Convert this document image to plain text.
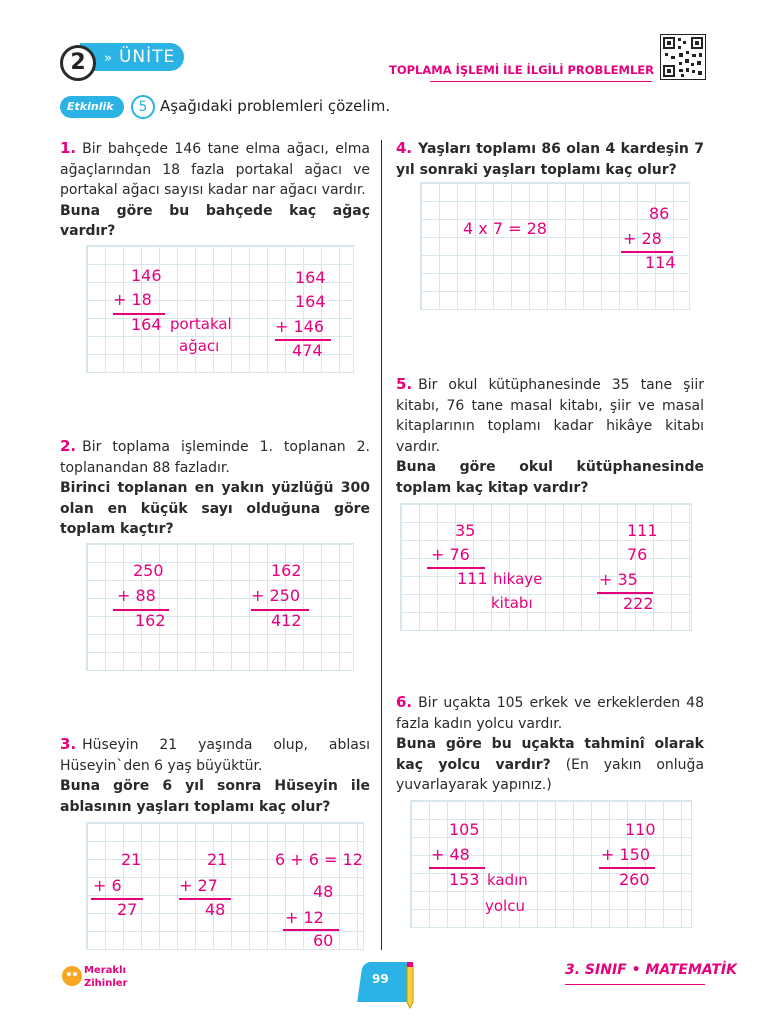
» ÜNİTE
2	TOPLAMA İŞLEMİ İLE İLGİLİ PROBLEMLER
Etkinlik	5 Aşağıdaki problemleri çözelim.
1. Bir bahçede 146 tane elma ağacı, elma ağaçlarından 18 fazla portakal ağacı ve portakal ağacı sayısı kadar nar ağacı vardır.
Buna göre bu bahçede kaç ağaç vardır?
146
+ 18
164 portakal
ağacı
164
164
+ 146
474
2. Bir toplama işleminde 1. toplanan 2. toplanandan 88 fazladır.
Birinci toplanan en yakın yüzlüğü 300 olan en küçük sayı olduğuna göre toplam kaçtır?
250
+ 88
162
162
+ 250
412
3. Hüseyin 21 yaşında olup, ablası Hüseyin`den 6 yaş büyüktür.
Buna göre 6 yıl sonra Hüseyin ile ablasının yaşları toplamı kaç olur?
21
+ 6
27
21
+ 27
48
6 + 6 = 12
48
+ 12
60
4. Yaşları toplamı 86 olan 4 kardeşin 7 yıl sonraki yaşları toplamı kaç olur?
4 x 7 = 28
86
+ 28
114
5. Bir okul kütüphanesinde 35 tane şiir kitabı, 76 tane masal kitabı, şiir ve masal kitaplarının toplamı kadar hikâye kitabı vardır.
Buna göre okul kütüphanesinde toplam kaç kitap vardır?
35
+ 76
111 hikaye
kitabı
111
76
+ 35
222
6. Bir uçakta 105 erkek ve erkeklerden 48 fazla kadın yolcu vardır.
Buna göre bu uçakta tahminî olarak kaç yolcu vardır? (En yakın onluğa yuvarlayarak yapınız.)
105
+ 48
153 kadın
yolcu
110
+ 150
260
Meraklı
Zihinler	99
3. SINIF • MATEMATİK
